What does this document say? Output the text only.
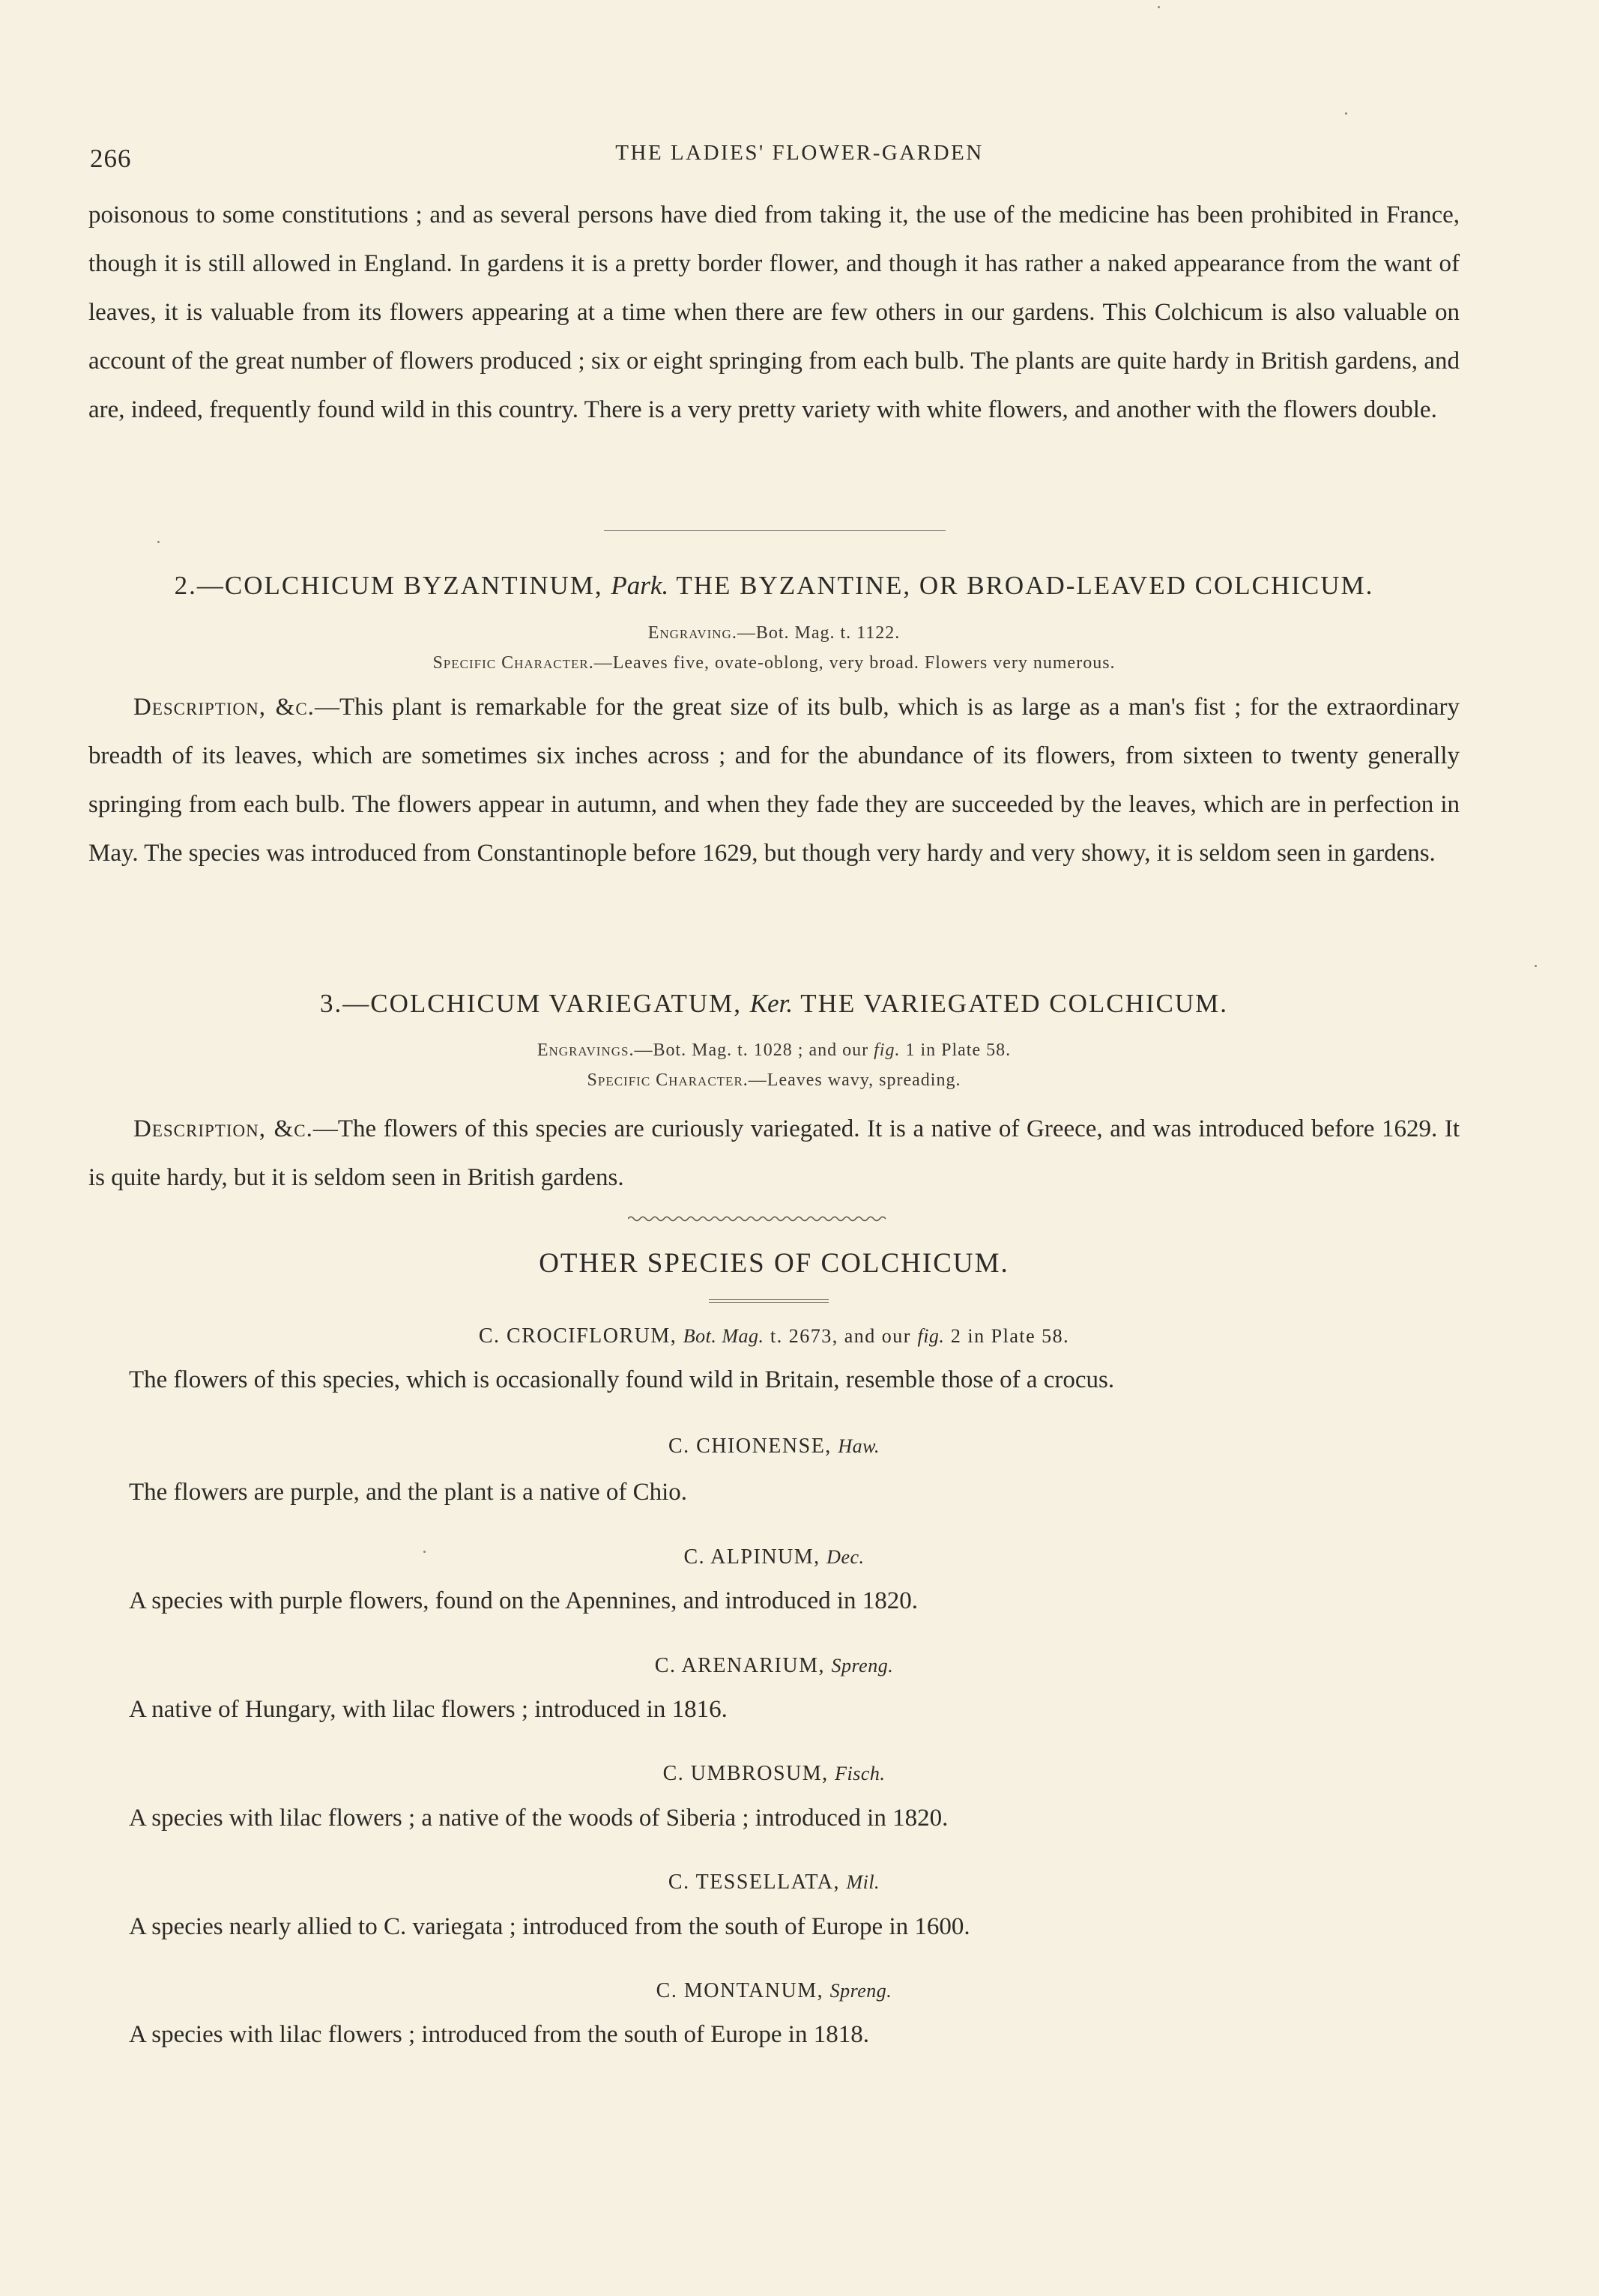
266	THE LADIES' FLOWER-GARDEN
poisonous to some constitutions ; and as several persons have died from taking it, the use of the medicine has been prohibited in France, though it is still allowed in England. In gardens it is a pretty border flower, and though it has rather a naked appearance from the want of leaves, it is valuable from its flowers appearing at a time when there are few others in our gardens. This Colchicum is also valuable on account of the great number of flowers produced ; six or eight springing from each bulb. The plants are quite hardy in British gardens, and are, indeed, frequently found wild in this country. There is a very pretty variety with white flowers, and another with the flowers double.
2.—COLCHICUM BYZANTINUM, Park. THE BYZANTINE, OR BROAD-LEAVED COLCHICUM.
Engraving.—Bot. Mag. t. 1122.
Specific Character.—Leaves five, ovate-oblong, very broad. Flowers very numerous.
Description, &c.—This plant is remarkable for the great size of its bulb, which is as large as a man's fist ; for the extraordinary breadth of its leaves, which are sometimes six inches across ; and for the abundance of its flowers, from sixteen to twenty generally springing from each bulb. The flowers appear in autumn, and when they fade they are succeeded by the leaves, which are in perfection in May. The species was introduced from Constantinople before 1629, but though very hardy and very showy, it is seldom seen in gardens.
3.—COLCHICUM VARIEGATUM, Ker. THE VARIEGATED COLCHICUM.
Engravings.—Bot. Mag. t. 1028 ; and our fig. 1 in Plate 58.
Specific Character.—Leaves wavy, spreading.
Description, &c.—The flowers of this species are curiously variegated. It is a native of Greece, and was introduced before 1629. It is quite hardy, but it is seldom seen in British gardens.
OTHER SPECIES OF COLCHICUM.
C. CROCIFLORUM, Bot. Mag. t. 2673, and our fig. 2 in Plate 58.
The flowers of this species, which is occasionally found wild in Britain, resemble those of a crocus.
C. CHIONENSE, Haw.
The flowers are purple, and the plant is a native of Chio.
C. ALPINUM, Dec.
A species with purple flowers, found on the Apennines, and introduced in 1820.
C. ARENARIUM, Spreng.
A native of Hungary, with lilac flowers ; introduced in 1816.
C. UMBROSUM, Fisch.
A species with lilac flowers ; a native of the woods of Siberia ; introduced in 1820.
C. TESSELLATA, Mil.
A species nearly allied to C. variegata ; introduced from the south of Europe in 1600.
C. MONTANUM, Spreng.
A species with lilac flowers ; introduced from the south of Europe in 1818.
